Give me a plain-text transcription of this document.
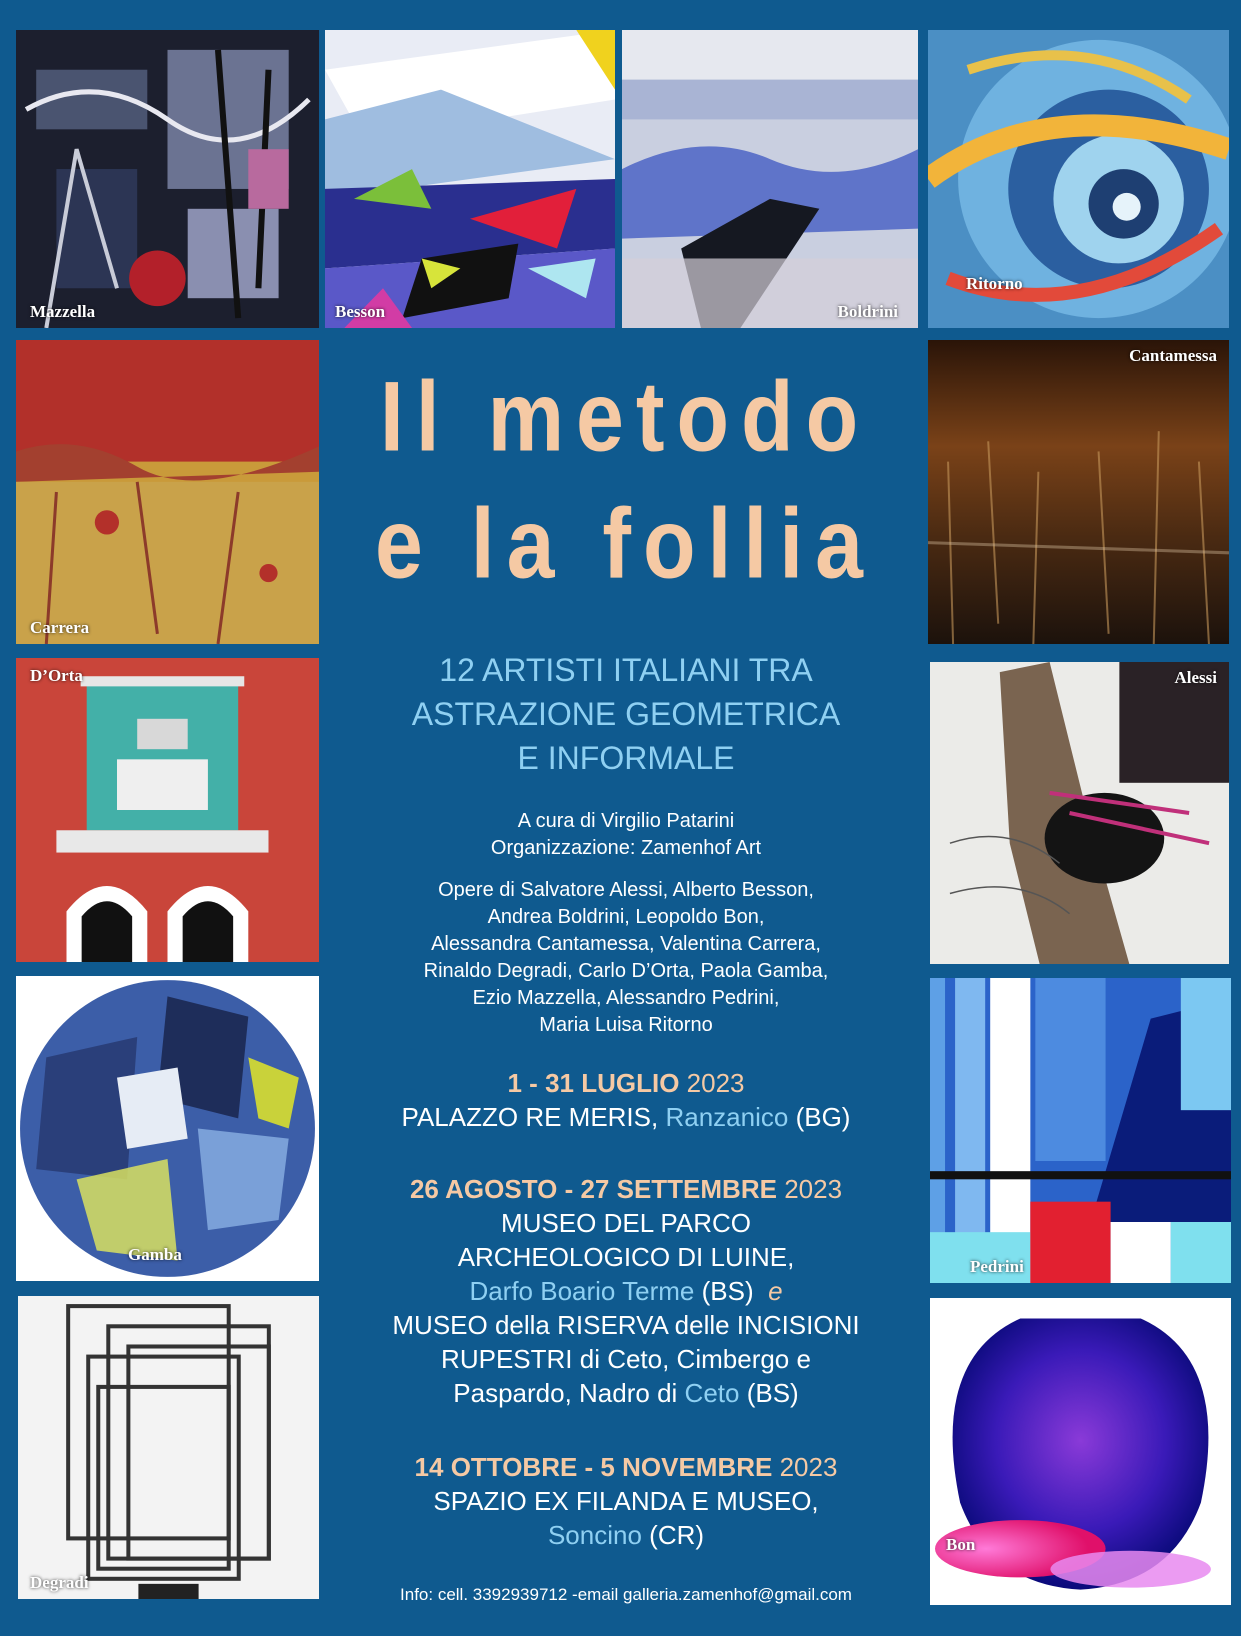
Mazzella	Besson	Boldrini
Ritorno
Carrera
Cantamessa
D’Orta	Alessi
Gamba
Pedrini
Degradi
Bon
Il metodo
e la follia
12 ARTISTI ITALIANI TRA
ASTRAZIONE GEOMETRICA
E INFORMALE
A cura di Virgilio Patarini
Organizzazione: Zamenhof Art
Opere di Salvatore Alessi, Alberto Besson,
Andrea Boldrini, Leopoldo Bon,
Alessandra Cantamessa, Valentina Carrera,
Rinaldo Degradi, Carlo D’Orta, Paola Gamba,
Ezio Mazzella, Alessandro Pedrini,
Maria Luisa Ritorno
1 - 31 LUGLIO 2023
PALAZZO RE MERIS, Ranzanico (BG)
26 AGOSTO - 27 SETTEMBRE 2023
MUSEO DEL PARCO
ARCHEOLOGICO DI LUINE,
Darfo Boario Terme (BS) e
MUSEO della RISERVA delle INCISIONI
RUPESTRI di Ceto, Cimbergo e
Paspardo, Nadro di Ceto (BS)
14 OTTOBRE - 5 NOVEMBRE 2023
SPAZIO EX FILANDA E MUSEO,
Soncino (CR)
Info: cell. 3392939712 -email galleria.zamenhof@gmail.com
